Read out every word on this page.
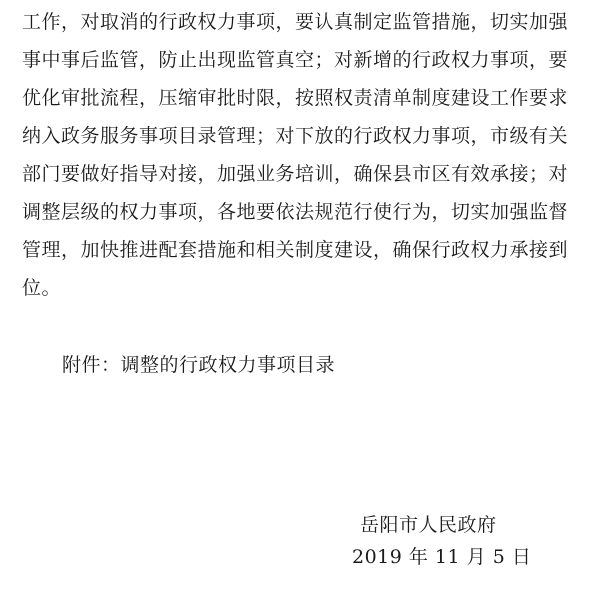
工作，对取消的行政权力事项，要认真制定监管措施，切实加强
事中事后监管，防止出现监管真空；对新增的行政权力事项，要
优化审批流程，压缩审批时限，按照权责清单制度建设工作要求
纳入政务服务事项目录管理；对下放的行政权力事项，市级有关
部门要做好指导对接，加强业务培训，确保县市区有效承接；对
调整层级的权力事项，各地要依法规范行使行为，切实加强监督
管理，加快推进配套措施和相关制度建设，确保行政权力承接到
位。
附件：调整的行政权力事项目录
岳阳市人民政府
2019 年 11 月 5 日
